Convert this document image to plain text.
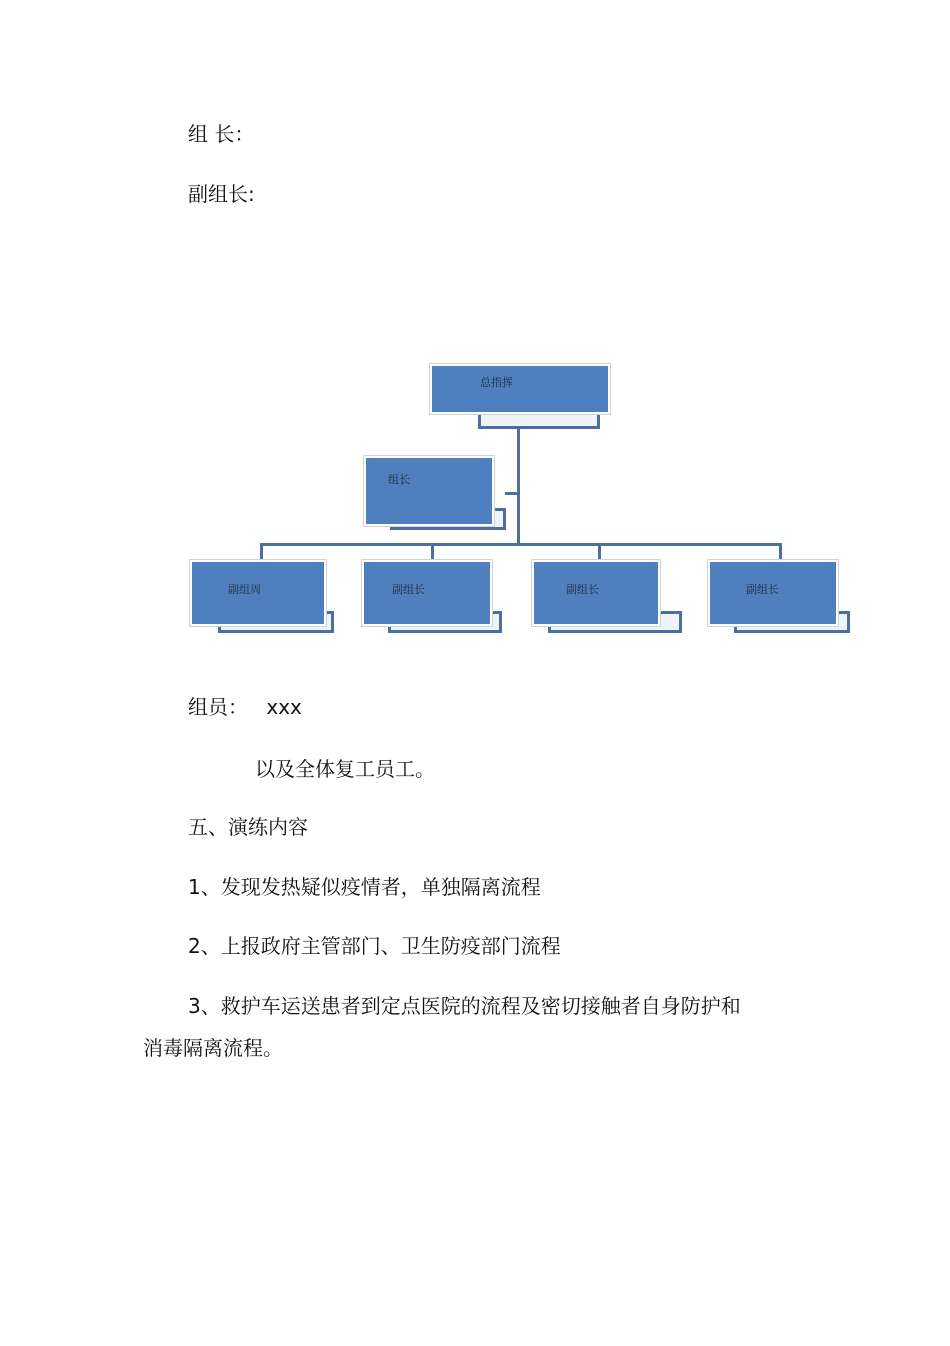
组 长：

副组长:

总指挥
组长
副组周	副组长	副组长	副组长

组员： xxx

以及全体复工员工。

五、演练内容

1、发现发热疑似疫情者，单独隔离流程

2、上报政府主管部门、卫生防疫部门流程

3、救护车运送患者到定点医院的流程及密切接触者自身防护和

消毒隔离流程。
